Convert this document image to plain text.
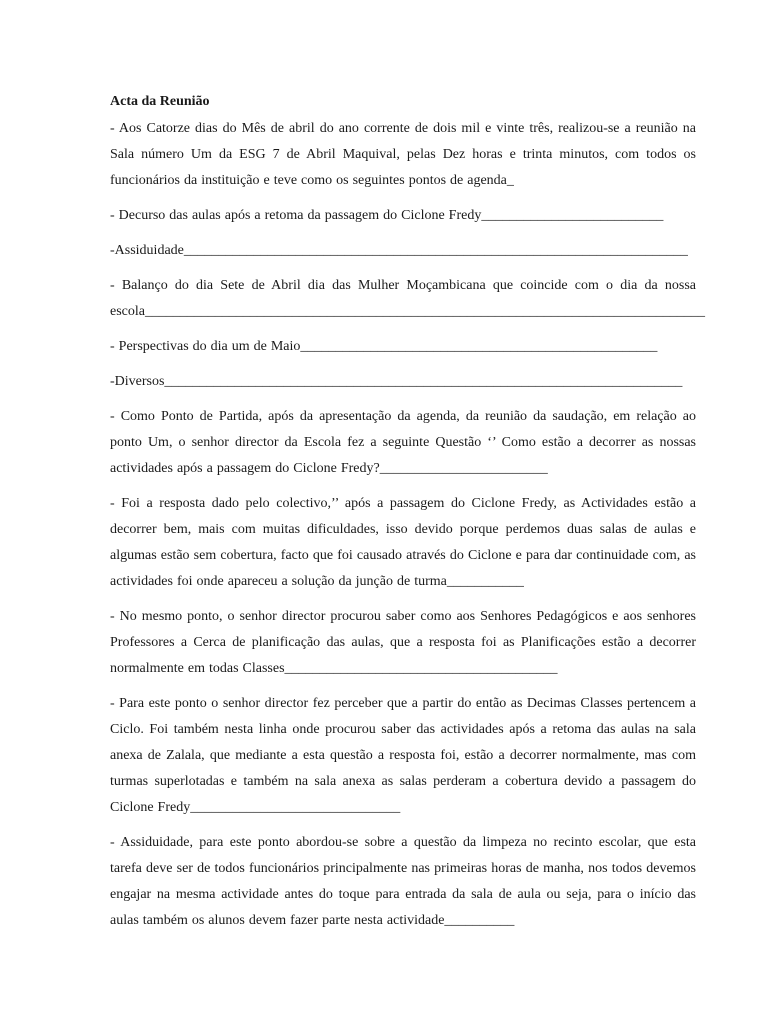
Acta da Reunião

- Aos Catorze dias do Mês de abril do ano corrente de dois mil e vinte três, realizou-se a reunião na Sala número Um da ESG 7 de Abril Maquival, pelas Dez horas e trinta minutos, com todos os funcionários da instituição e teve como os seguintes pontos de agenda_

- Decurso das aulas após a retoma da passagem do Ciclone Fredy__________________________

-Assiduidade________________________________________________________________________

- Balanço do dia Sete de Abril dia das Mulher Moçambicana que coincide com o dia da nossa escola________________________________________________________________________________

- Perspectivas do dia um de Maio___________________________________________________

-Diversos__________________________________________________________________________

- Como Ponto de Partida, após da apresentação da agenda, da reunião da saudação, em relação ao ponto Um, o senhor director da Escola fez a seguinte Questão ‘’ Como estão a decorrer as nossas actividades após a passagem do Ciclone Fredy?________________________

- Foi a resposta dado pelo colectivo,’’ após a passagem do Ciclone Fredy, as Actividades estão a decorrer bem, mais com muitas dificuldades, isso devido porque perdemos duas salas de aulas e algumas estão sem cobertura, facto que foi causado através do Ciclone e para dar continuidade com, as actividades foi onde apareceu a solução da junção de turma___________

- No mesmo ponto, o senhor director procurou saber como aos Senhores Pedagógicos e aos senhores Professores a Cerca de planificação das aulas, que a resposta foi as Planificações estão a decorrer normalmente em todas Classes_______________________________________

- Para este ponto o senhor director fez perceber que a partir do então as Decimas Classes pertencem a Ciclo. Foi também nesta linha onde procurou saber das actividades após a retoma das aulas na sala anexa de Zalala, que mediante a esta questão a resposta foi, estão a decorrer normalmente, mas com turmas superlotadas e também na sala anexa as salas perderam a cobertura devido a passagem do Ciclone Fredy______________________________

- Assiduidade, para este ponto abordou-se sobre a questão da limpeza no recinto escolar, que esta tarefa deve ser de todos funcionários principalmente nas primeiras horas de manha, nos todos devemos engajar na mesma actividade antes do toque para entrada da sala de aula ou seja, para o início das aulas também os alunos devem fazer parte nesta actividade__________
